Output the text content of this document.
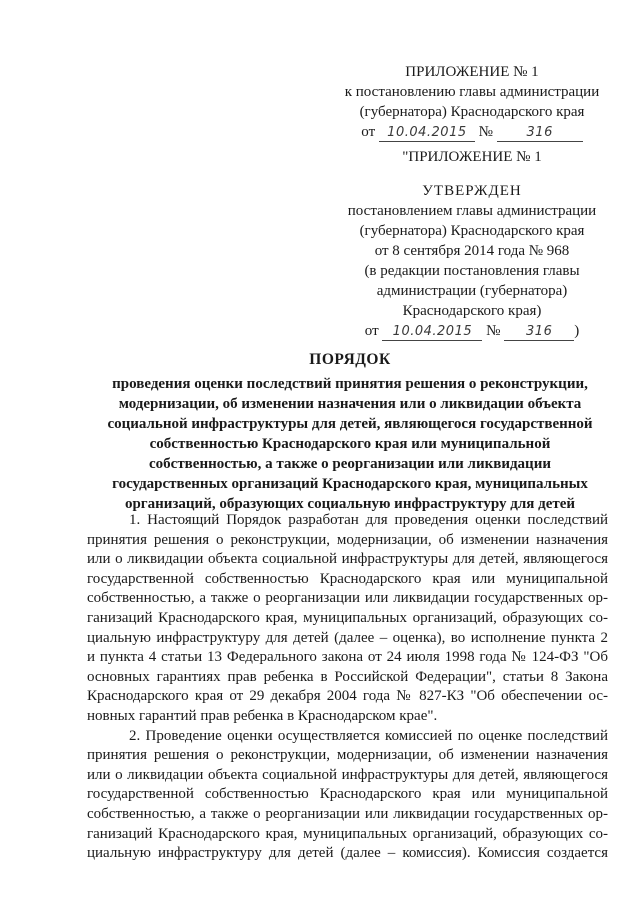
ПРИЛОЖЕНИЕ № 1
к постановлению главы администрации
(губернатора) Краснодарского края
от 10.04.2015 №	316
"ПРИЛОЖЕНИЕ № 1
УТВЕРЖДЕН
постановлением главы администрации
(губернатора) Краснодарского края
от 8 сентября 2014 года № 968
(в редакции постановления главы
администрации (губернатора)
Краснодарского края)
от 10.04.2015 № 316 )
ПОРЯДОК
проведения оценки последствий принятия решения о реконструкции,
модернизации, об изменении назначения или о ликвидации объекта
социальной инфраструктуры для детей, являющегося государственной
собственностью Краснодарского края или муниципальной
собственностью, а также о реорганизации или ликвидации
государственных организаций Краснодарского края, муниципальных
организаций, образующих социальную инфраструктуру для детей
1. Настоящий Порядок разработан для проведения оценки последствий
принятия решения о реконструкции, модернизации, об изменении назначения
или о ликвидации объекта социальной инфраструктуры для детей, являющегося
государственной собственностью Краснодарского края или муниципальной
собственностью, а также о реорганизации или ликвидации государственных ор-
ганизаций Краснодарского края, муниципальных организаций, образующих со-
циальную инфраструктуру для детей (далее – оценка), во исполнение пункта 2
и пункта 4 статьи 13 Федерального закона от 24 июля 1998 года № 124-ФЗ "Об
основных гарантиях прав ребенка в Российской Федерации", статьи 8 Закона
Краснодарского края от 29 декабря 2004 года № 827-КЗ "Об обеспечении ос-
новных гарантий прав ребенка в Краснодарском крае".
2. Проведение оценки осуществляется комиссией по оценке последствий
принятия решения о реконструкции, модернизации, об изменении назначения
или о ликвидации объекта социальной инфраструктуры для детей, являющегося
государственной собственностью Краснодарского края или муниципальной
собственностью, а также о реорганизации или ликвидации государственных ор-
ганизаций Краснодарского края, муниципальных организаций, образующих со-
циальную инфраструктуру для детей (далее – комиссия). Комиссия создается
